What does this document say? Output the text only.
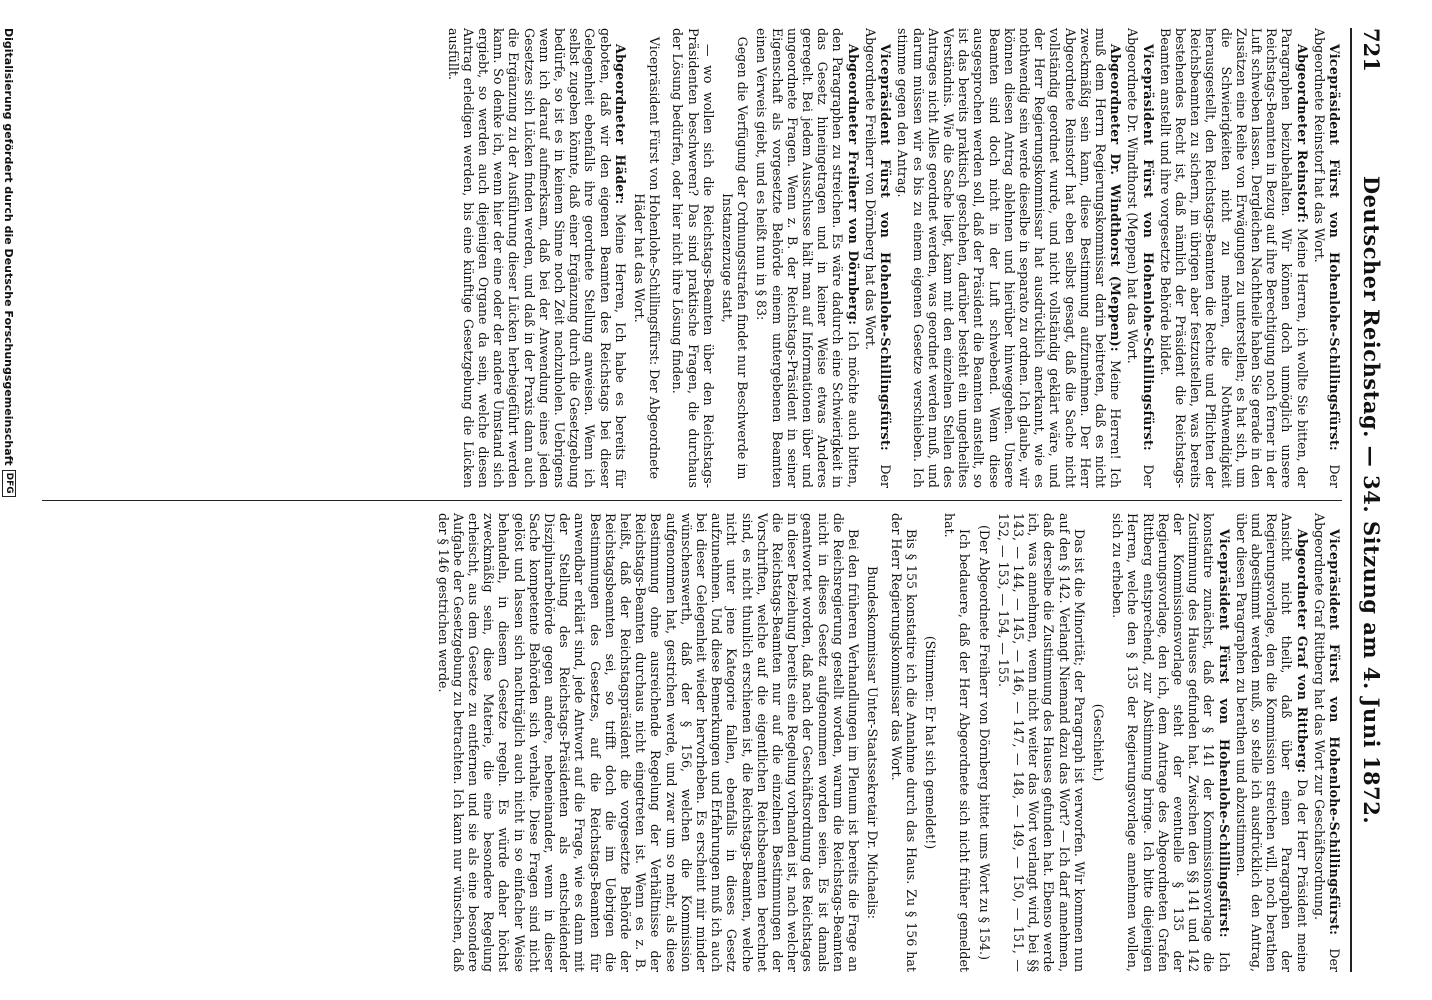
721
Deutscher Reichstag. — 34. Sitzung am 4. Juni 1872.

Vicepräsident Fürst von Hohenlohe-Schillingsfürst: Der Abgeordnete Reinstorf hat das Wort.

Abgeordneter Reinstorf: Meine Herren, ich wollte Sie bitten, der Paragraphen beizubehalten. Wir können doch unmöglich unsere Reichstags-Beamten in Bezug auf ihre Berechtigung noch ferner in der Luft schweben lassen. Dergleichen Nachtheile haben Sie gerade in den Zusätzen eine Reihe von Erwägungen zu unterstellen; es hat sich, um die Schwierigkeiten nicht zu mehren, die Nothwendigkeit herausgestellt, den Reichstags-Beamten die Rechte und Pflichten der Reichsbeamten zu sichern, im übrigen aber festzustellen, was bereits bestehendes Recht ist, daß nämlich der Präsident die Reichstags-Beamten anstellt und ihre vorgesetzte Behörde bildet.

Vicepräsident Fürst von Hohenlohe-Schillingsfürst: Der Abgeordnete Dr. Windthorst (Meppen) hat das Wort.

Abgeordneter Dr. Windthorst (Meppen): Meine Herren! Ich muß dem Herrn Regierungskommissar darin beitreten, daß es nicht zweckmäßig sein kann, diese Bestimmung aufzunehmen. Der Herr Abgeordnete Reinstorf hat eben selbst gesagt, daß die Sache nicht vollständig geordnet wurde, und nicht vollständig geklärt wäre, und der Herr Regierungskommissar hat ausdrücklich anerkannt, wie es nothwendig sein werde dieselbe in separato zu ordnen. Ich glaube, wir können diesen Antrag ablehnen und hierüber hinweggehen. Unsere Beamten sind doch nicht in der Luft schwebend. Wenn diese ausgesprochen werden soll, daß der Präsident die Beamten anstellt, so ist das bereits praktisch geschehen, darüber besteht ein ungetheiltes Verständnis. Wie die Sache liegt, kann mit den einzelnen Stellen des Antrages nicht Alles geordnet werden, was geordnet werden muß, und darum müssen wir es bis zu einem eigenen Gesetze verschieben. Ich stimme gegen den Antrag.

Vicepräsident Fürst von Hohenlohe-Schillingsfürst: Der Abgeordnete Freiherr von Dörnberg hat das Wort.

Abgeordneter Freiherr von Dörnberg: Ich möchte auch bitten, den Paragraphen zu streichen. Es wäre dadurch eine Schwierigkeit in das Gesetz hineingetragen und in keiner Weise etwas Anderes geregelt. Bei jedem Ausschusse hält man auf Informationen über und ungeordnete Fragen. Wenn z. B. der Reichstags-Präsident in seiner Eigenschaft als vorgesetzte Behörde einem untergebenen Beamten einen Verweis giebt, und es heißt nun in § 83:

Gegen die Verfügung der Ordnungsstrafen findet nur Beschwerde im Instanzenzuge statt,

— wo wollen sich die Reichstags-Beamten über den Reichstags-Präsidenten beschweren? Das sind praktische Fragen, die durchaus der Lösung bedürfen, oder hier nicht ihre Lösung finden.

Vicepräsident Fürst von Hohenlohe-Schillingsfürst: Der Abgeordnete Häder hat das Wort.

Abgeordneter Häder: Meine Herren, Ich habe es bereits für geboten, daß wir den eigenen Beamten des Reichstags bei dieser Gelegenheit ebenfalls ihre geordnete Stellung anweisen. Wenn ich selbst zugeben könnte, daß einer Ergänzung durch die Gesetzgebung bedürfe, so ist es in keinem Sinne noch Zeit nachzuholen. Uebrigens wenn ich darauf aufmerksam, daß bei der Anwendung eines jeden Gesetzes sich Lücken finden werden, und daß in der Praxis dann auch die Ergänzung zu der Ausführung dieser Lücken herbeigeführt werden kann. So denke ich, wenn hier der eine oder der andere Umstand sich ergiebt, so werden auch diejenigen Organe da sein, welche diesen Antrag erledigen werden, bis eine künftige Gesetzgebung die Lücken ausfüllt.

Vicepräsident Fürst von Hohenlohe-Schillingsfürst: Der Abgeordnete Graf Rittberg hat das Wort zur Geschäftsordnung.

Abgeordneter Graf von Rittberg: Da der Herr Präsident meine Ansicht nicht theilt, daß über einen Paragraphen der Regierungsvorlage, den die Kommission streichen will, noch berathen und abgestimmt werden muß, so stelle ich ausdrücklich den Antrag, über diesen Paragraphen zu berathen und abzustimmen.

Vicepräsident Fürst von Hohenlohe-Schillingsfürst: Ich konstatire zunächst, daß der § 141 der Kommissionsvorlage die Zustimmung des Hauses gefunden hat. Zwischen den §§ 141 und 142 der Kommissionsvorlage steht der eventuelle § 135 der Regierungsvorlage, den ich, dem Antrage des Abgeordneten Grafen Rittberg entsprechend, zur Abstimmung bringe. Ich bitte diejenigen Herren, welche den § 135 der Regierungsvorlage annehmen wollen, sich zu erheben.

(Geschieht.)

Das ist die Minorität; der Paragraph ist verworfen. Wir kommen nun auf den § 142. Verlangt Niemand dazu das Wort? — Ich darf annehmen, daß derselbe die Zustimmung des Hauses gefunden hat. Ebenso werde ich, was annehmen, wenn nicht weiter das Wort verlangt wird, bei §§ 143, — 144, — 145, — 146, — 147, — 148, — 149, — 150, — 151, — 152, — 153, — 154, — 155.

(Der Abgeordnete Freiherr von Dörnberg bittet ums Wort zu § 154.)

Ich bedauere, daß der Herr Abgeordnete sich nicht früher gemeldet hat.

(Stimmen: Er hat sich gemeldet!)

Bis § 155 konstatire ich die Annahme durch das Haus. Zu § 156 hat der Herr Regierungskommissar das Wort.

Bundeskommissar Unter-Staatssekretair Dr. Michaelis:

Bei den früheren Verhandlungen im Plenum ist bereits die Frage an die Reichsregierung gestellt worden, warum die Reichstags-Beamten nicht in dieses Gesetz aufgenommen worden seien. Es ist damals geantwortet worden, daß nach der Geschäftsordnung des Reichstages in dieser Beziehung bereits eine Regelung vorhanden ist, nach welcher die Reichstags-Beamten nur auf die einzelnen Bestimmungen der Vorschriften, welche auf die eigentlichen Reichsbeamten berechnet sind, es nicht thunlich erschienen ist, die Reichstags-Beamten, welche nicht unter jene Kategorie fallen, ebenfalls in dieses Gesetz aufzunehmen. Und diese Bemerkungen und Erfahrungen muß ich auch bei dieser Gelegenheit wieder hervorheben. Es erscheint mir minder wünschenswerth, daß der § 156, welchen die Kommission aufgenommen hat, gestrichen werde, und zwar um so mehr, als diese Bestimmung ohne ausreichende Regelung der Verhältnisse der Reichstags-Beamten durchaus nicht eingetreten ist. Wenn es z. B. heißt, daß der Reichstagspräsident die vorgesetzte Behörde der Reichstagsbeamten sei, so trifft doch die im Uebrigen die Bestimmungen des Gesetzes, auf die Reichstags-Beamten für anwendbar erklärt sind, jede Antwort auf die Frage, wie es dann mit der Stellung des Reichstags-Präsidenten als entscheidender Disziplinarbehörde gegen andere, nebeneinander, wenn in dieser Sache kompetente Behörden sich verhalte. Diese Fragen sind nicht gelöst und lassen sich nachträglich auch nicht in so einfacher Weise behandeln, in diesem Gesetze regeln. Es würde daher höchst zweckmäßig sein, diese Materie, die eine besondere Regelung erheischt, aus dem Gesetze zu entfernen und sie als eine besondere Aufgabe der Gesetzgebung zu betrachten. Ich kann nur wünschen, daß der § 146 gestrichen werde.

Digitalisierung gefördert durch die Deutsche Forschungsgemeinschaft
DFG
